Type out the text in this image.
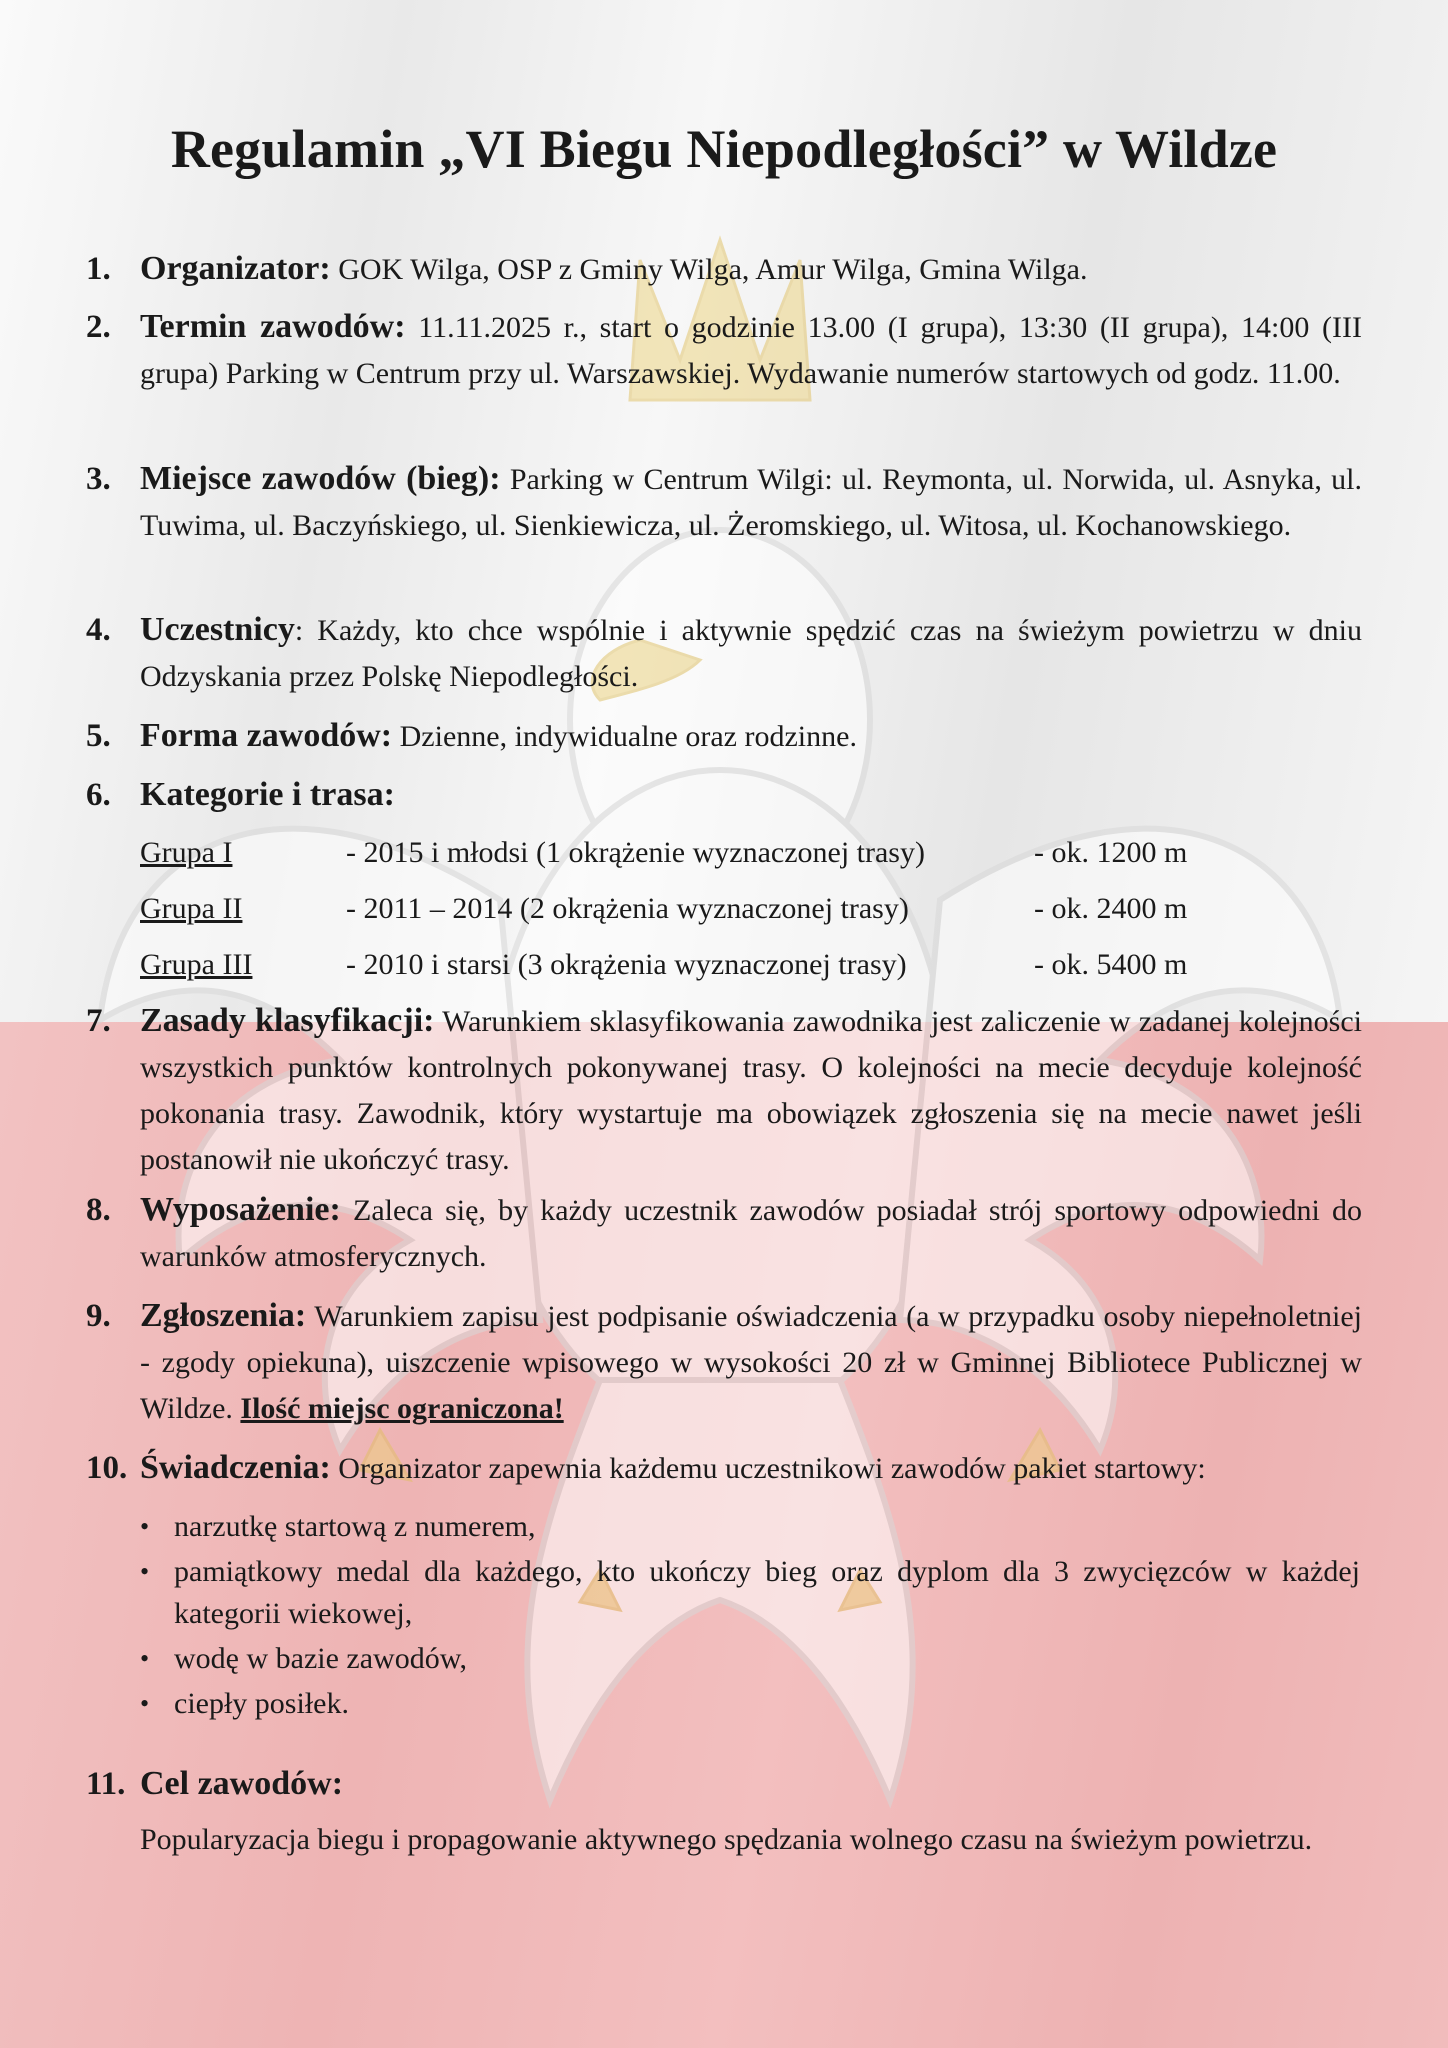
Regulamin „VI Biegu Niepodległości” w Wildze
1. Organizator: GOK Wilga, OSP z Gminy Wilga, Amur Wilga, Gmina Wilga.
2. Termin zawodów: 11.11.2025 r., start o godzinie 13.00 (I grupa), 13:30 (II grupa), 14:00 (III grupa) Parking w Centrum przy ul. Warszawskiej. Wydawanie numerów startowych od godz. 11.00.
3. Miejsce zawodów (bieg): Parking w Centrum Wilgi: ul. Reymonta, ul. Norwida, ul. Asnyka, ul. Tuwima, ul. Baczyńskiego, ul. Sienkiewicza, ul. Żeromskiego, ul. Witosa, ul. Kochanowskiego.
4. Uczestnicy: Każdy, kto chce wspólnie i aktywnie spędzić czas na świeżym powietrzu w dniu Odzyskania przez Polskę Niepodległości.
5. Forma zawodów: Dzienne, indywidualne oraz rodzinne.
6. Kategorie i trasa:
Grupa I	- 2015 i młodsi (1 okrążenie wyznaczonej trasy)	- ok. 1200 m
Grupa II	- 2011 – 2014 (2 okrążenia wyznaczonej trasy)	- ok. 2400 m
Grupa III	- 2010 i starsi (3 okrążenia wyznaczonej trasy)	- ok. 5400 m
7. Zasady klasyfikacji: Warunkiem sklasyfikowania zawodnika jest zaliczenie w zadanej kolejności wszystkich punktów kontrolnych pokonywanej trasy. O kolejności na mecie decyduje kolejność pokonania trasy. Zawodnik, który wystartuje ma obowiązek zgłoszenia się na mecie nawet jeśli postanowił nie ukończyć trasy.
8. Wyposażenie: Zaleca się, by każdy uczestnik zawodów posiadał strój sportowy odpowiedni do warunków atmosferycznych.
9. Zgłoszenia: Warunkiem zapisu jest podpisanie oświadczenia (a w przypadku osoby niepełnoletniej - zgody opiekuna), uiszczenie wpisowego w wysokości 20 zł w Gminnej Bibliotece Publicznej w Wildze. Ilość miejsc ograniczona!
10. Świadczenia: Organizator zapewnia każdemu uczestnikowi zawodów pakiet startowy:
• narzutkę startową z numerem,
• pamiątkowy medal dla każdego, kto ukończy bieg oraz dyplom dla 3 zwycięzców w każdej kategorii wiekowej,
• wodę w bazie zawodów,
• ciepły posiłek.
11. Cel zawodów:
Popularyzacja biegu i propagowanie aktywnego spędzania wolnego czasu na świeżym powietrzu.
